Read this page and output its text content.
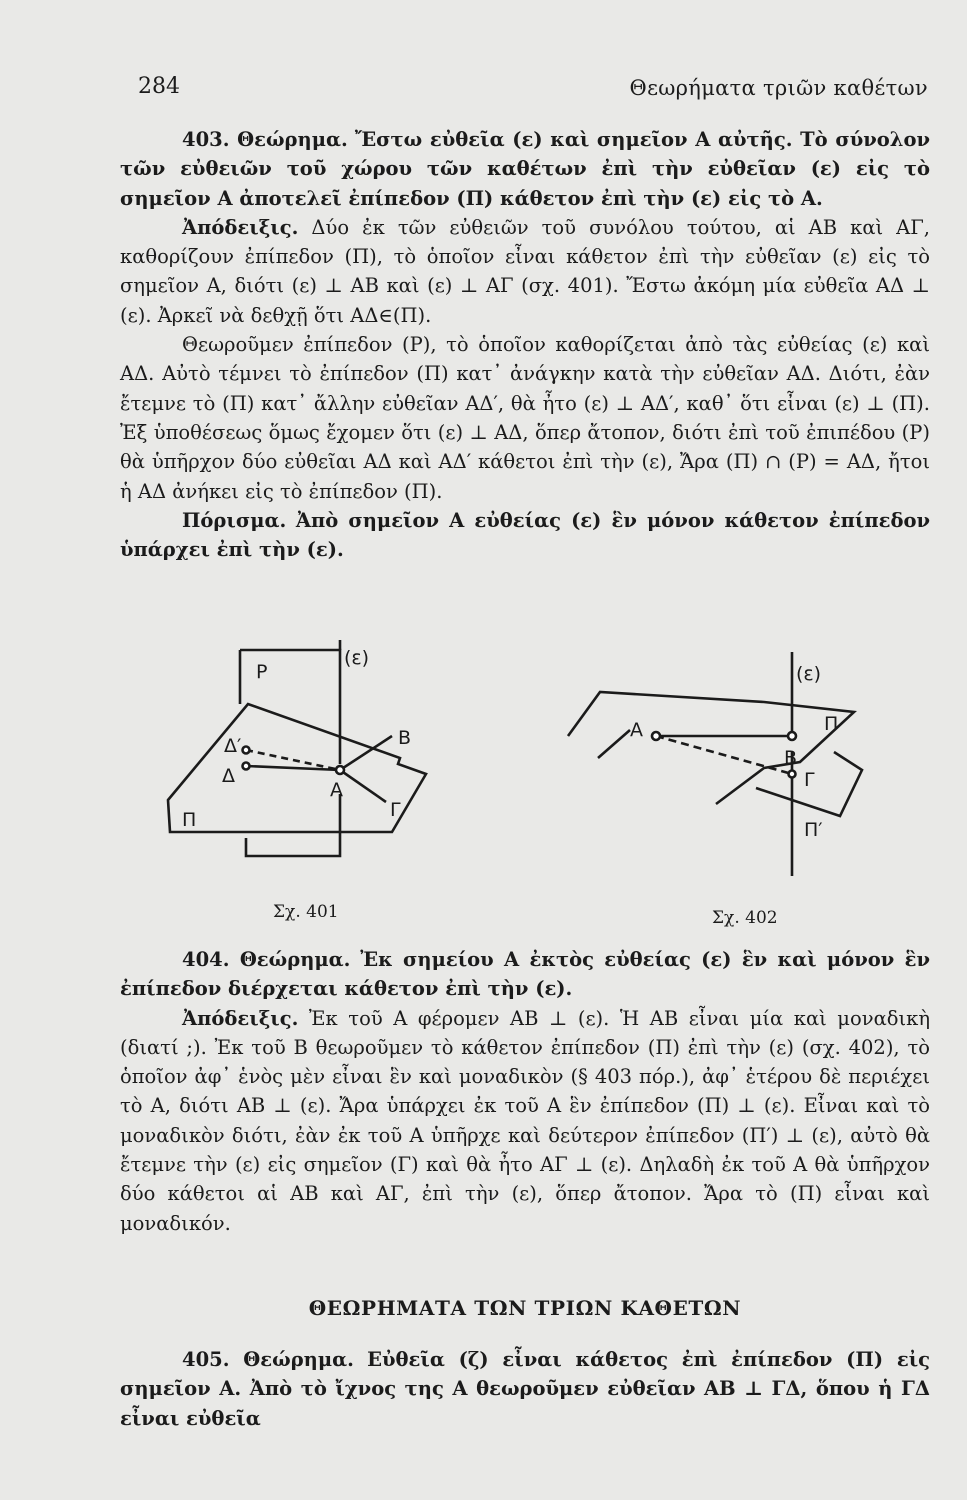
284	Θεωρήματα τριῶν καθέτων

403. Θεώρημα. Ἔστω εὐθεῖα (ε) καὶ σημεῖον Α αὐτῆς. Τὸ σύνολον τῶν εὐθειῶν τοῦ χώρου τῶν καθέτων ἐπὶ τὴν εὐθεῖαν (ε) εἰς τὸ σημεῖον Α ἀποτελεῖ ἐπίπεδον (Π) κάθετον ἐπὶ τὴν (ε) εἰς τὸ Α.

Ἀπόδειξις. Δύο ἐκ τῶν εὐθειῶν τοῦ συνόλου τούτου, αἱ ΑΒ καὶ ΑΓ, καθορίζουν ἐπίπεδον (Π), τὸ ὁποῖον εἶναι κάθετον ἐπὶ τὴν εὐθεῖαν (ε) εἰς τὸ σημεῖον Α, διότι (ε) ⊥ ΑΒ καὶ (ε) ⊥ ΑΓ (σχ. 401). Ἔστω ἀκόμη μία εὐθεῖα ΑΔ ⊥ (ε). Ἀρκεῖ νὰ δεθχῇ ὅτι ΑΔ∈(Π).

Θεωροῦμεν ἐπίπεδον (Ρ), τὸ ὁποῖον καθορίζεται ἀπὸ τὰς εὐθείας (ε) καὶ ΑΔ. Αὐτὸ τέμνει τὸ ἐπίπεδον (Π) κατ᾿ ἀνάγκην κατὰ τὴν εὐθεῖαν ΑΔ. Διότι, ἐὰν ἔτεμνε τὸ (Π) κατ᾿ ἄλλην εὐθεῖαν ΑΔ′, θὰ ἦτο (ε) ⊥ ΑΔ′, καθ᾿ ὅτι εἶναι (ε) ⊥ (Π). Ἐξ ὑποθέσεως ὅμως ἔχομεν ὅτι (ε) ⊥ ΑΔ, ὅπερ ἄτοπον, διότι ἐπὶ τοῦ ἐπιπέδου (Ρ) θὰ ὑπῆρχον δύο εὐθεῖαι ΑΔ καὶ ΑΔ′ κάθετοι ἐπὶ τὴν (ε), Ἄρα (Π) ∩ (Ρ) = ΑΔ, ἤτοι ἡ ΑΔ ἀνήκει εἰς τὸ ἐπίπεδον (Π).

Πόρισμα. Ἀπὸ σημεῖον Α εὐθείας (ε) ἓν μόνον κάθετον ἐπίπεδον ὑπάρχει ἐπὶ τὴν (ε).

Ρ
(ε)
Β
Δ′
Δ
Α
Γ
Π
(ε)
Α
Β
Π
Γ
Π′
Σχ. 401	Σχ. 402

404. Θεώρημα. Ἐκ σημείου Α ἐκτὸς εὐθείας (ε) ἓν καὶ μόνον ἓν ἐπίπεδον διέρχεται κάθετον ἐπὶ τὴν (ε).

Ἀπόδειξις. Ἐκ τοῦ Α φέρομεν ΑΒ ⊥ (ε). Ἡ ΑΒ εἶναι μία καὶ μοναδικὴ (διατί ;). Ἐκ τοῦ Β θεωροῦμεν τὸ κάθετον ἐπίπεδον (Π) ἐπὶ τὴν (ε) (σχ. 402), τὸ ὁποῖον ἀφ᾿ ἑνὸς μὲν εἶναι ἓν καὶ μοναδικὸν (§ 403 πόρ.), ἀφ᾿ ἑτέρου δὲ περιέχει τὸ Α, διότι ΑΒ ⊥ (ε). Ἄρα ὑπάρχει ἐκ τοῦ Α ἓν ἐπίπεδον (Π) ⊥ (ε). Εἶναι καὶ τὸ μοναδικὸν διότι, ἐὰν ἐκ τοῦ Α ὑπῆρχε καὶ δεύτερον ἐπίπεδον (Π′) ⊥ (ε), αὐτὸ θὰ ἔτεμνε τὴν (ε) εἰς σημεῖον (Γ) καὶ θὰ ἦτο ΑΓ ⊥ (ε). Δηλαδὴ ἐκ τοῦ Α θὰ ὑπῆρχον δύο κάθετοι αἱ ΑΒ καὶ ΑΓ, ἐπὶ τὴν (ε), ὅπερ ἄτοπον. Ἄρα τὸ (Π) εἶναι καὶ μοναδικόν.

ΘΕΩΡΗΜΑΤΑ ΤΩΝ ΤΡΙΩΝ ΚΑΘΕΤΩΝ

405. Θεώρημα. Εὐθεῖα (ζ) εἶναι κάθετος ἐπὶ ἐπίπεδον (Π) εἰς σημεῖον Α. Ἀπὸ τὸ ἴχνος της Α θεωροῦμεν εὐθεῖαν ΑΒ ⊥ ΓΔ, ὅπου ἡ ΓΔ εἶναι εὐθεῖα
